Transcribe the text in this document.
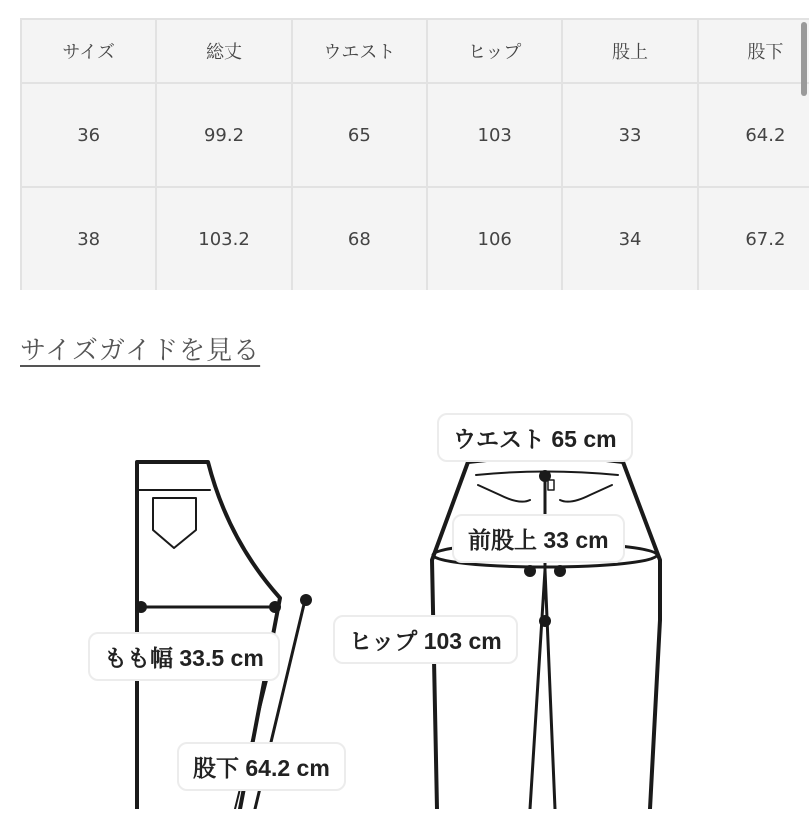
サイズ	総丈	ウエスト	ヒップ	股上	股下	
36	99.2	65	103	33	64.2	
38	103.2	68	106	34	67.2	
サイズガイドを見る
ウエスト 65 cm
前股上 33 cm
ヒップ 103 cm
もも幅 33.5 cm
股下 64.2 cm
